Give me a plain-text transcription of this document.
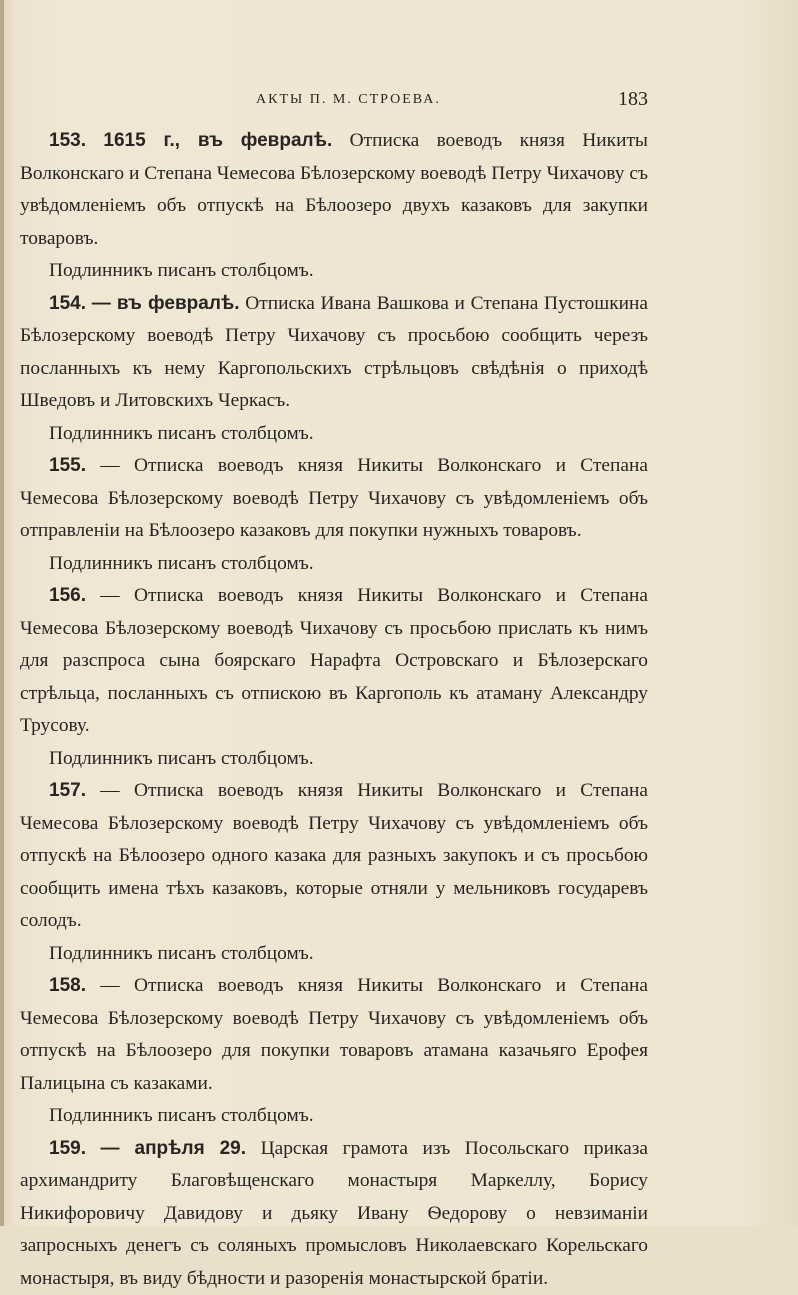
АКТЫ П. М. СТРОЕВА.	183

153. 1615 г., въ февралѣ. Отписка воеводъ князя Никиты Волконскаго и Степана Чемесова Бѣлозерскому воеводѣ Петру Чихачову съ увѣдомленіемъ объ отпускѣ на Бѣлоозеро двухъ казаковъ для закупки товаровъ.

Подлинникъ писанъ столбцомъ.

154. — въ февралѣ. Отписка Ивана Вашкова и Степана Пустошкина Бѣлозерскому воеводѣ Петру Чихачову съ просьбою сообщить черезъ посланныхъ къ нему Каргопольскихъ стрѣльцовъ свѣдѣнія о приходѣ Шведовъ и Литовскихъ Черкасъ.

Подлинникъ писанъ столбцомъ.

155. — Отписка воеводъ князя Никиты Волконскаго и Степана Чемесова Бѣлозерскому воеводѣ Петру Чихачову съ увѣдомленіемъ объ отправленіи на Бѣлоозеро казаковъ для покупки нужныхъ товаровъ.

Подлинникъ писанъ столбцомъ.

156. — Отписка воеводъ князя Никиты Волконскаго и Степана Чемесова Бѣлозерскому воеводѣ Чихачову съ просьбою прислать къ нимъ для разспроса сына боярскаго Нарафта Островскаго и Бѣлозерскаго стрѣльца, посланныхъ съ отпискою въ Каргополь къ атаману Александру Трусову.

Подлинникъ писанъ столбцомъ.

157. — Отписка воеводъ князя Никиты Волконскаго и Степана Чемесова Бѣлозерскому воеводѣ Петру Чихачову съ увѣдомленіемъ объ отпускѣ на Бѣлоозеро одного казака для разныхъ закупокъ и съ просьбою сообщить имена тѣхъ казаковъ, которые отняли у мельниковъ государевъ солодъ.

Подлинникъ писанъ столбцомъ.

158. — Отписка воеводъ князя Никиты Волконскаго и Степана Чемесова Бѣлозерскому воеводѣ Петру Чихачову съ увѣдомленіемъ объ отпускѣ на Бѣлоозеро для покупки товаровъ атамана казачьяго Ерофея Палицына съ казаками.

Подлинникъ писанъ столбцомъ.

159. — апрѣля 29. Царская грамота изъ Посольскаго приказа архимандриту Благовѣщенскаго монастыря Маркеллу, Борису Никифоровичу Давидову и дьяку Ивану Ѳедорову о невзиманіи запросныхъ денегъ съ соляныхъ промысловъ Николаевскаго Корельскаго монастыря, въ виду бѣдности и разоренія монастырской братіи.
